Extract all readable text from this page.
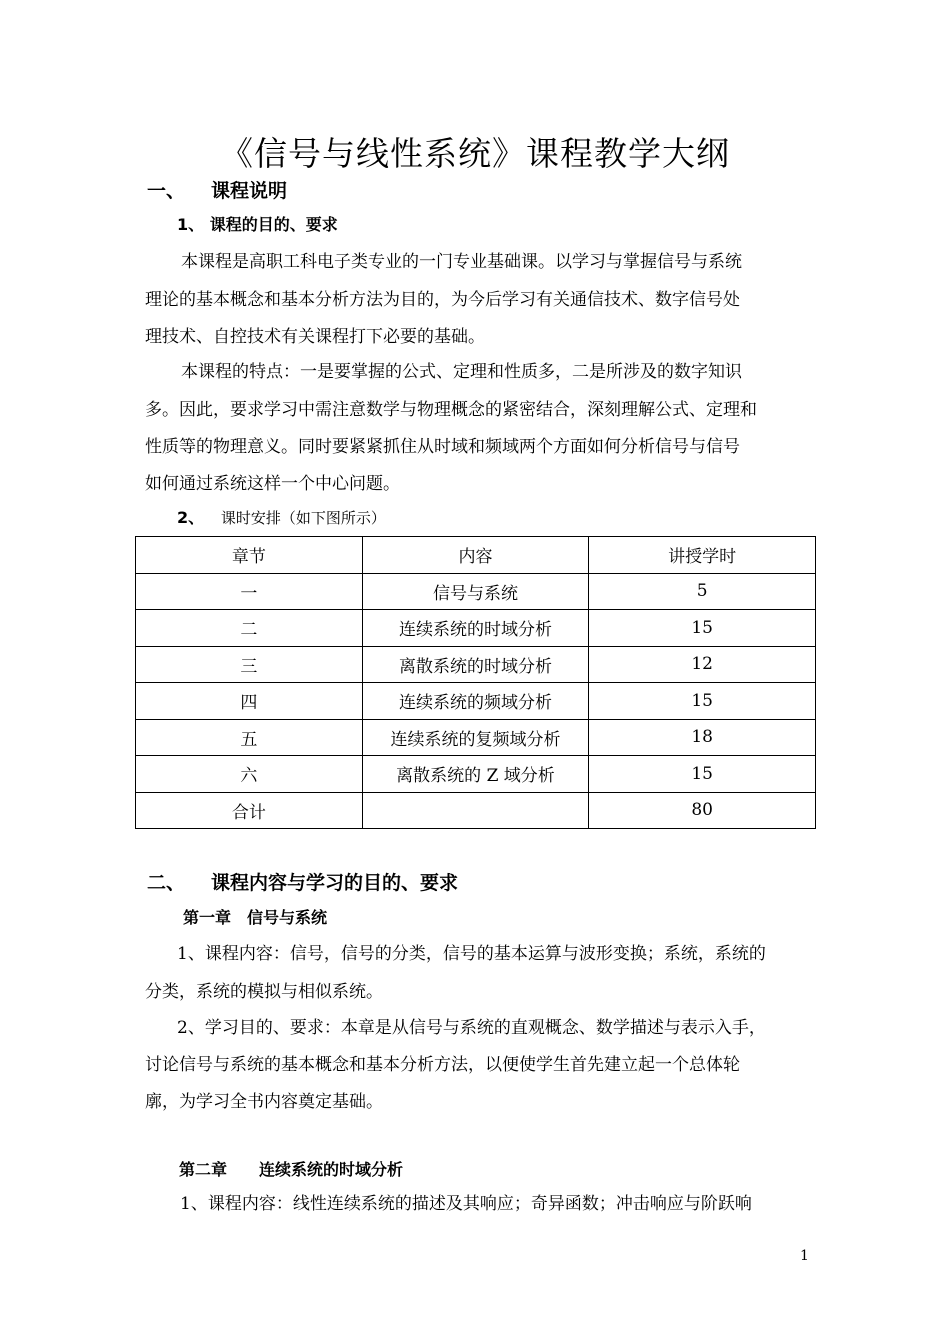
《信号与线性系统》课程教学大纲
一、 课程说明
1、 课程的目的、要求
本课程是高职工科电子类专业的一门专业基础课。以学习与掌握信号与系统
理论的基本概念和基本分析方法为目的，为今后学习有关通信技术、数字信号处
理技术、自控技术有关课程打下必要的基础。
本课程的特点：一是要掌握的公式、定理和性质多，二是所涉及的数字知识
多。因此，要求学习中需注意数学与物理概念的紧密结合，深刻理解公式、定理和
性质等的物理意义。同时要紧紧抓住从时域和频域两个方面如何分析信号与信号
如何通过系统这样一个中心问题。
2、 课时安排（如下图所示）
章节	内容	讲授学时
一	信号与系统	5
二	连续系统的时域分析	15
三	离散系统的时域分析	12
四	连续系统的频域分析	15
五	连续系统的复频域分析	18
六	离散系统的 Z 域分析	15
合计		80
二、 课程内容与学习的目的、要求
第一章　信号与系统
1、课程内容：信号，信号的分类，信号的基本运算与波形变换；系统，系统的
分类，系统的模拟与相似系统。
2、学习目的、要求：本章是从信号与系统的直观概念、数学描述与表示入手，
讨论信号与系统的基本概念和基本分析方法，以便使学生首先建立起一个总体轮
廓，为学习全书内容奠定基础。
第二章　　连续系统的时域分析
1、课程内容：线性连续系统的描述及其响应；奇异函数；冲击响应与阶跃响
1
